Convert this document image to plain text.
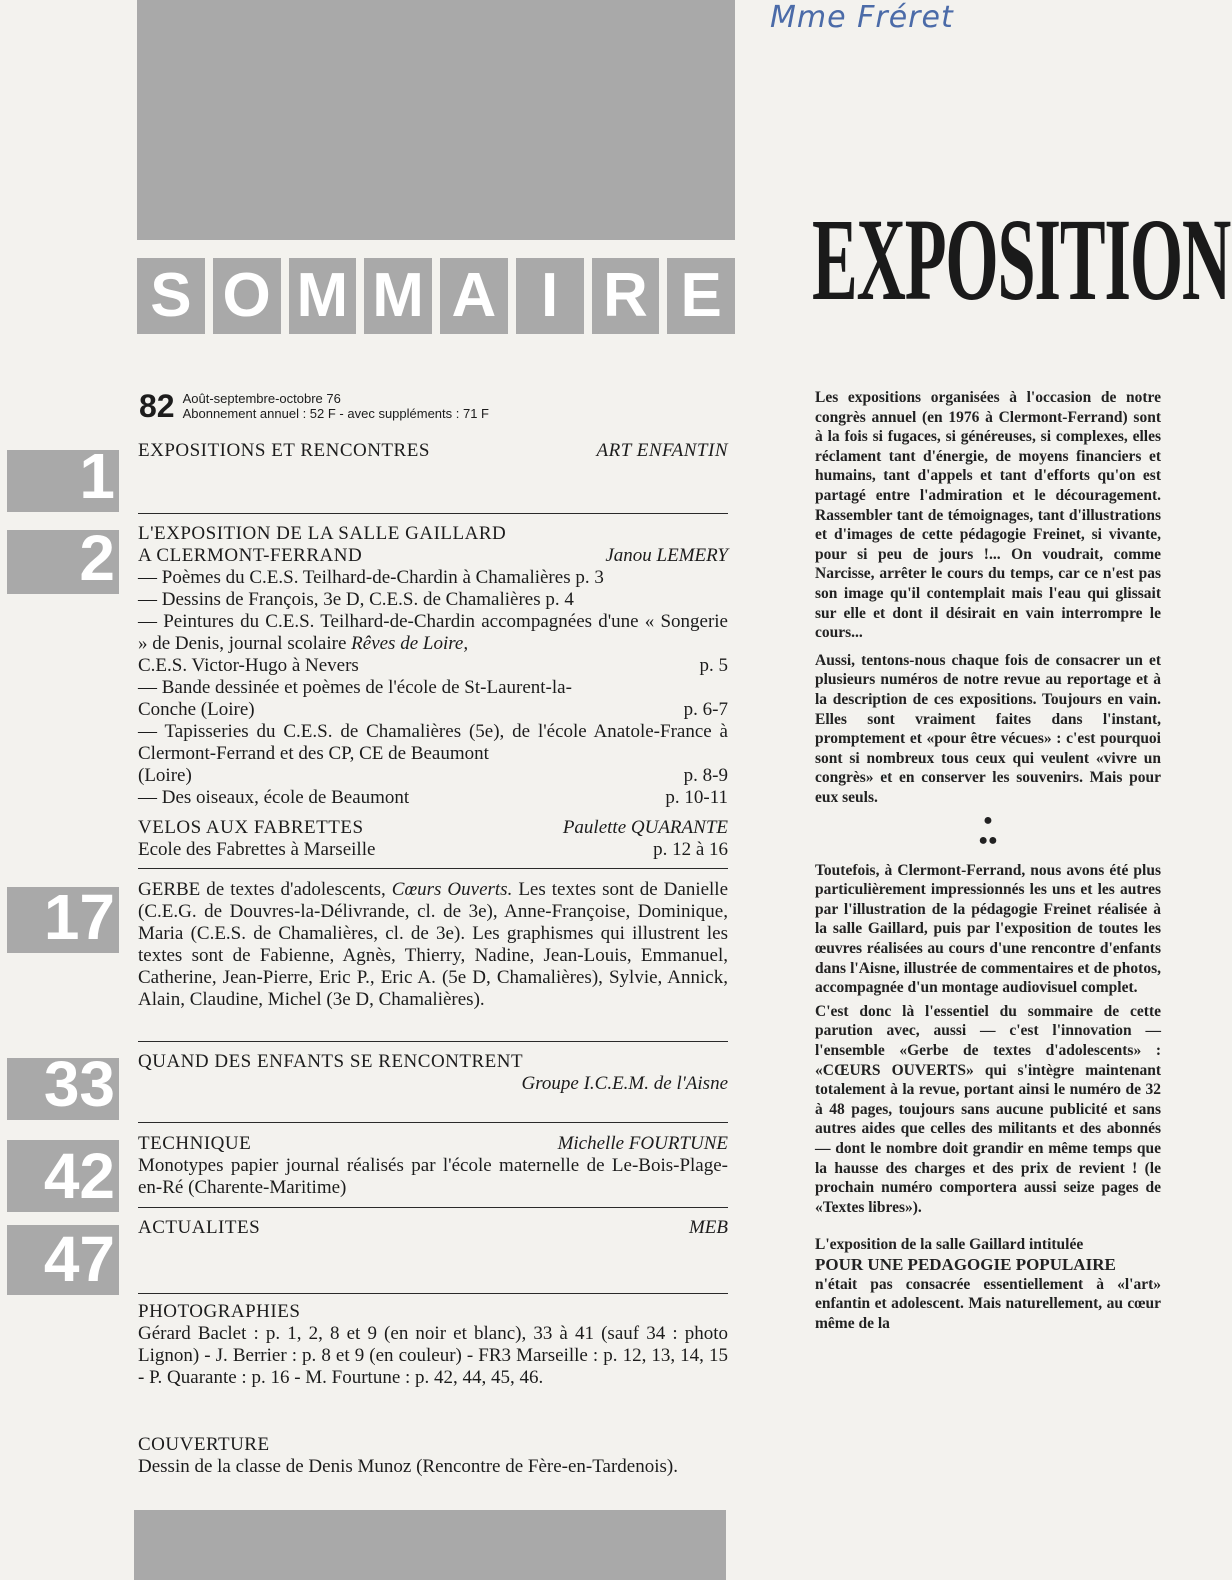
Mme Fréret
S O M M A I R E EXPOSITION
82 Août-septembre-octobre 76
Abonnement annuel : 52 F - avec suppléments : 71 F
1
2
17
33
42
47
EXPOSITIONS ET RENCONTRES	ART ENFANTIN

L'EXPOSITION DE LA SALLE GAILLARD

A CLERMONT-FERRAND	Janou LEMERY

— Poèmes du C.E.S. Teilhard-de-Chardin à Chamalières p. 3

— Dessins de François, 3e D, C.E.S. de Chamalières p. 4

— Peintures du C.E.S. Teilhard-de-Chardin accompagnées d'une « Songerie » de Denis, journal scolaire Rêves de Loire,

C.E.S. Victor-Hugo à Nevers	p. 5

— Bande dessinée et poèmes de l'école de St-Laurent-la-

Conche (Loire)	p. 6-7

— Tapisseries du C.E.S. de Chamalières (5e), de l'école Anatole-France à Clermont-Ferrand et des CP, CE de Beaumont

(Loire)	p. 8-9
— Des oiseaux, école de Beaumont	p. 10-11
VELOS AUX FABRETTES	Paulette QUARANTE
Ecole des Fabrettes à Marseille	p. 12 à 16

GERBE de textes d'adolescents, Cœurs Ouverts. Les textes sont de Danielle (C.E.G. de Douvres-la-Délivrande, cl. de 3e), Anne-Françoise, Dominique, Maria (C.E.S. de Chamalières, cl. de 3e). Les graphismes qui illustrent les textes sont de Fabienne, Agnès, Thierry, Nadine, Jean-Louis, Emmanuel, Catherine, Jean-Pierre, Eric P., Eric A. (5e D, Chamalières), Sylvie, Annick, Alain, Claudine, Michel (3e D, Chamalières).

QUAND DES ENFANTS SE RENCONTRENT

Groupe I.C.E.M. de l'Aisne

TECHNIQUE	Michelle FOURTUNE

Monotypes papier journal réalisés par l'école maternelle de Le-Bois-Plage-en-Ré (Charente-Maritime)

ACTUALITES	MEB

PHOTOGRAPHIES

Gérard Baclet : p. 1, 2, 8 et 9 (en noir et blanc), 33 à 41 (sauf 34 : photo Lignon) - J. Berrier : p. 8 et 9 (en couleur) - FR3 Marseille : p. 12, 13, 14, 15 - P. Quarante : p. 16 - M. Fourtune : p. 42, 44, 45, 46.

COUVERTURE

Dessin de la classe de Denis Munoz (Rencontre de Fère-en-Tardenois).

Les expositions organisées à l'occasion de notre congrès annuel (en 1976 à Clermont-Ferrand) sont à la fois si fugaces, si généreuses, si complexes, elles réclament tant d'énergie, de moyens financiers et humains, tant d'appels et tant d'efforts qu'on est partagé entre l'admiration et le découragement. Rassembler tant de témoignages, tant d'illustrations et d'images de cette pédagogie Freinet, si vivante, pour si peu de jours !... On voudrait, comme Narcisse, arrêter le cours du temps, car ce n'est pas son image qu'il contemplait mais l'eau qui glissait sur elle et dont il désirait en vain interrompre le cours...

Aussi, tentons-nous chaque fois de consacrer un et plusieurs numéros de notre revue au reportage et à la description de ces expositions. Toujours en vain. Elles sont vraiment faites dans l'instant, promptement et «pour être vécues» : c'est pourquoi sont si nombreux tous ceux qui veulent «vivre un congrès» et en conserver les souvenirs. Mais pour eux seuls.

●
●●

Toutefois, à Clermont-Ferrand, nous avons été plus particulièrement impressionnés les uns et les autres par l'illustration de la pédagogie Freinet réalisée à la salle Gaillard, puis par l'exposition de toutes les œuvres réalisées au cours d'une rencontre d'enfants dans l'Aisne, illustrée de commentaires et de photos, accompagnée d'un montage audiovisuel complet.

C'est donc là l'essentiel du sommaire de cette parution avec, aussi — c'est l'innovation — l'ensemble «Gerbe de textes d'adolescents» : «CŒURS OUVERTS» qui s'intègre maintenant totalement à la revue, portant ainsi le numéro de 32 à 48 pages, toujours sans aucune publicité et sans autres aides que celles des militants et des abonnés — dont le nombre doit grandir en même temps que la hausse des charges et des prix de revient ! (le prochain numéro comportera aussi seize pages de «Textes libres»).

L'exposition de la salle Gaillard intitulée

POUR UNE PEDAGOGIE POPULAIRE

n'était pas consacrée essentiellement à «l'art» enfantin et adolescent. Mais naturellement, au cœur même de la
